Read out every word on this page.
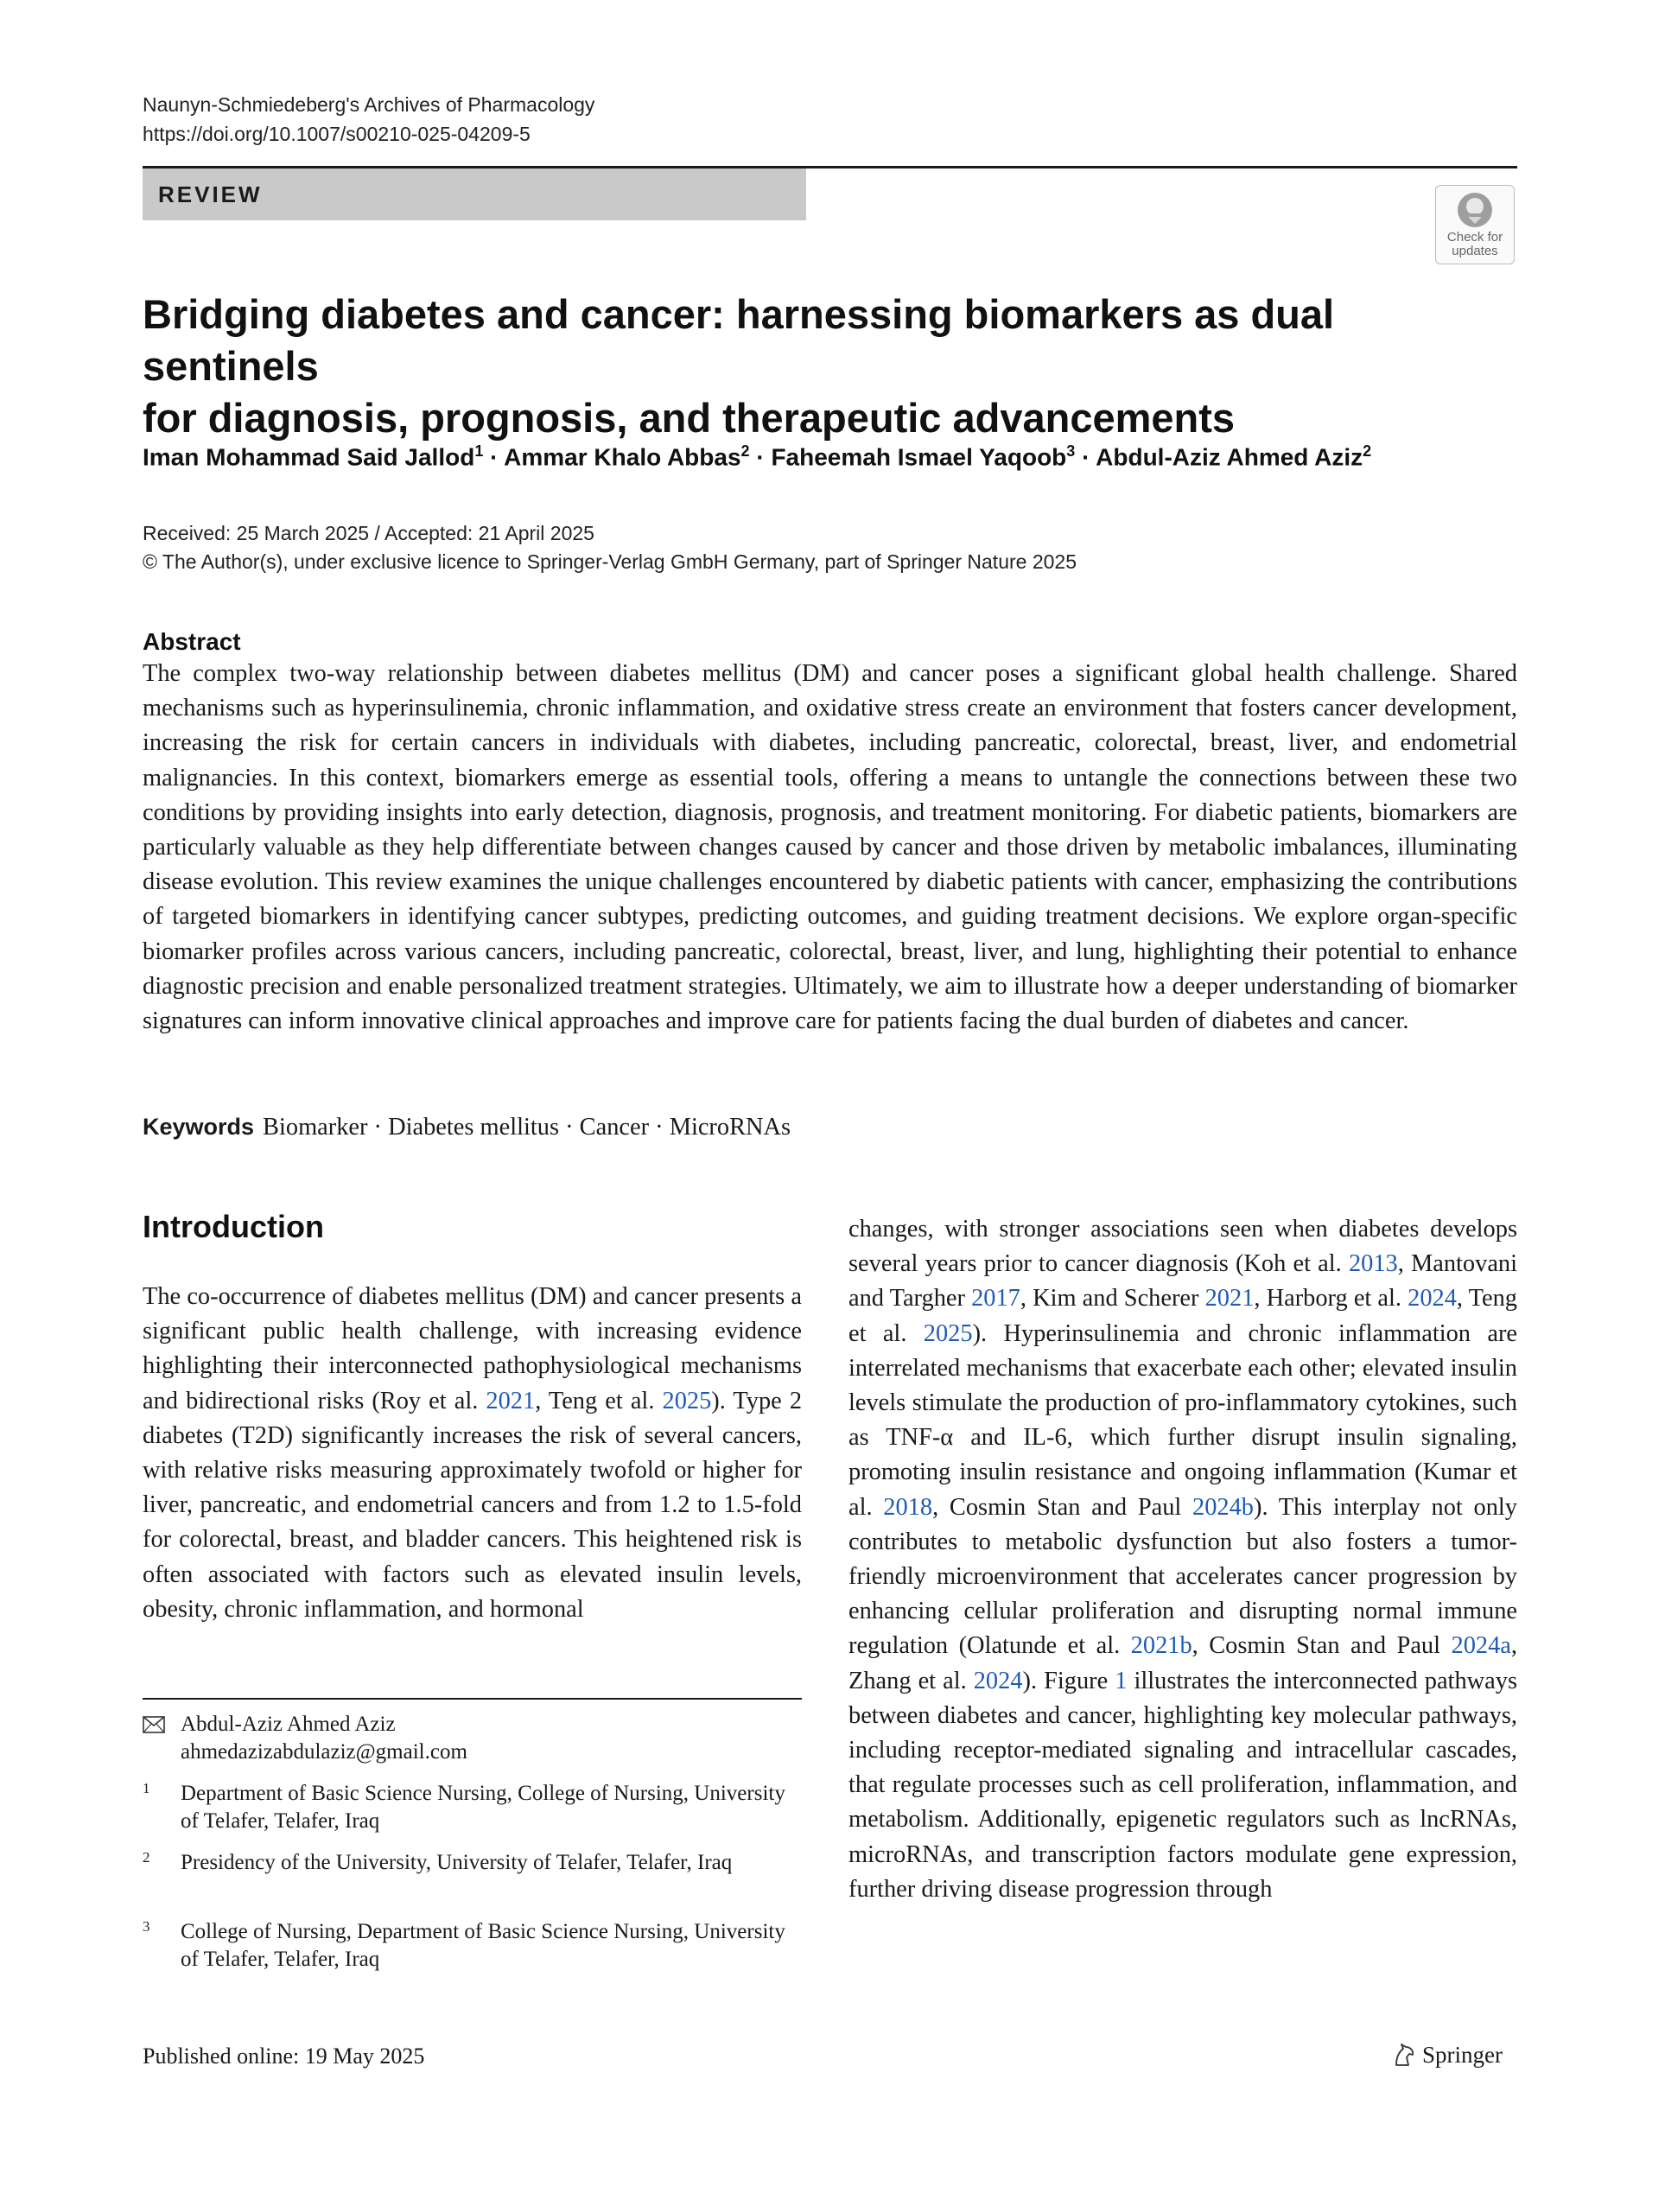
Naunyn-Schmiedeberg's Archives of Pharmacology
https://doi.org/10.1007/s00210-025-04209-5
REVIEW
Check for
updates
Bridging diabetes and cancer: harnessing biomarkers as dual sentinels
for diagnosis, prognosis, and therapeutic advancements
Iman Mohammad Said Jallod$^1$ · Ammar Khalo Abbas$^2$ · Faheemah Ismael Yaqoob$^3$ · Abdul-Aziz Ahmed Aziz$^2$
Received: 25 March 2025 / Accepted: 21 April 2025
© The Author(s), under exclusive licence to Springer-Verlag GmbH Germany, part of Springer Nature 2025
Abstract
The complex two-way relationship between diabetes mellitus (DM) and cancer poses a significant global health challenge. Shared mechanisms such as hyperinsulinemia, chronic inflammation, and oxidative stress create an environment that fosters cancer development, increasing the risk for certain cancers in individuals with diabetes, including pancreatic, colorectal, breast, liver, and endometrial malignancies. In this context, biomarkers emerge as essential tools, offering a means to untangle the connections between these two conditions by providing insights into early detection, diagnosis, prognosis, and treatment monitoring. For diabetic patients, biomarkers are particularly valuable as they help differentiate between changes caused by cancer and those driven by metabolic imbalances, illuminating disease evolution. This review examines the unique challenges encountered by diabetic patients with cancer, emphasizing the contributions of targeted biomarkers in identifying cancer subtypes, predicting outcomes, and guiding treatment decisions. We explore organ-specific biomarker profiles across various cancers, including pancreatic, colorectal, breast, liver, and lung, highlighting their potential to enhance diagnostic precision and enable personalized treatment strategies. Ultimately, we aim to illustrate how a deeper understanding of biomarker signatures can inform innovative clinical approaches and improve care for patients facing the dual burden of diabetes and cancer.
Keywords Biomarker · Diabetes mellitus · Cancer · MicroRNAs
Introduction
The co-occurrence of diabetes mellitus (DM) and cancer presents a significant public health challenge, with increasing evidence highlighting their interconnected pathophysiological mechanisms and bidirectional risks (Roy et al. 2021, Teng et al. 2025). Type 2 diabetes (T2D) significantly increases the risk of several cancers, with relative risks measuring approximately twofold or higher for liver, pancreatic, and endometrial cancers and from 1.2 to 1.5-fold for colorectal, breast, and bladder cancers. This heightened risk is often associated with factors such as elevated insulin levels, obesity, chronic inflammation, and hormonal
changes, with stronger associations seen when diabetes develops several years prior to cancer diagnosis (Koh et al. 2013, Mantovani and Targher 2017, Kim and Scherer 2021, Harborg et al. 2024, Teng et al. 2025). Hyperinsulinemia and chronic inflammation are interrelated mechanisms that exacerbate each other; elevated insulin levels stimulate the production of pro-inflammatory cytokines, such as TNF-α and IL-6, which further disrupt insulin signaling, promoting insulin resistance and ongoing inflammation (Kumar et al. 2018, Cosmin Stan and Paul 2024b). This interplay not only contributes to metabolic dysfunction but also fosters a tumor-friendly microenvironment that accelerates cancer progression by enhancing cellular proliferation and disrupting normal immune regulation (Olatunde et al. 2021b, Cosmin Stan and Paul 2024a, Zhang et al. 2024). Figure 1 illustrates the interconnected pathways between diabetes and cancer, highlighting key molecular pathways, including receptor-mediated signaling and intracellular cascades, that regulate processes such as cell proliferation, inflammation, and metabolism. Additionally, epigenetic regulators such as lncRNAs, microRNAs, and transcription factors modulate gene expression, further driving disease progression through
Abdul-Aziz Ahmed Aziz
ahmedazizabdulaziz@gmail.com
1 Department of Basic Science Nursing, College of Nursing, University of Telafer, Telafer, Iraq
2 Presidency of the University, University of Telafer, Telafer, Iraq
3 College of Nursing, Department of Basic Science Nursing, University of Telafer, Telafer, Iraq
Published online: 19 May 2025	Springer
